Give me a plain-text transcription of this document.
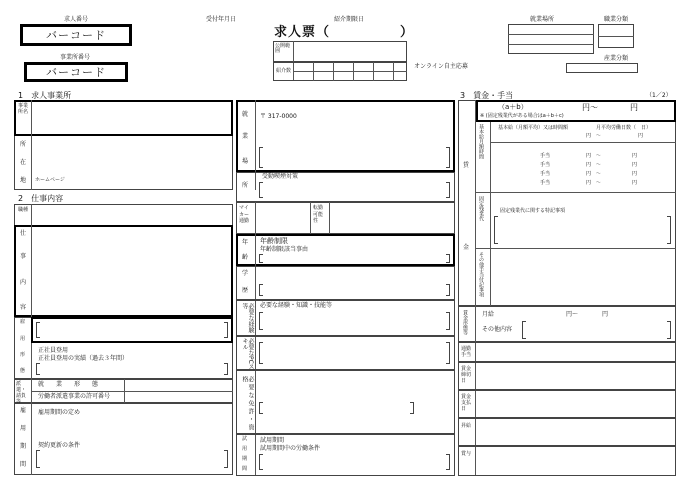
求人番号
バーコード
事業所番号
バーコード
受付年月日	紹介期限日
求人票（　　　　　）
公開範囲
紹介数
オンライン自主応募
就業場所	職業分類
産業分類
1　求人事業所
事業所名
所
在
地 ホームページ
2　仕事内容
職種
仕
事
内
容
雇
用
形
態
正社員登用
正社員登用の実績（過去３年間）
派遣・請負等
就　　業　　形　　態
労働者派遣事業の許可番号
雇
用
期
間
雇用期間の定め
契約更新の条件
就
業
場
所
〒 317-0000
受動喫煙対策
マイカー通勤
転勤可能性
年
齢
年齢制限
年齢制限該当事由
学
歴
必要な経験等	必要な経験・知識・技能等
必要なPCスキル
必要な免許・資格
試
用
期
間
試用期間
試用期間中の労働条件
3　賃金・手当	（1／2）
賃
金
（a＋b）	円～　　　　円
※ (固定残業代がある場合はa＋b＋c)
基本給月額時間	基本給（月額平均）又は時間額	月平均労働日数（　日）
円　～	円
手当	円　～	円
手当	円　～	円
手当	円　～	円
手当	円　～	円
固定残業代	固定残業代に関する特記事項
その他手当付記事項
賃金形態等 月給	円～　　　　円
その他内容
通勤手当
賃金締切日
賃金支払日
昇給
賞与
